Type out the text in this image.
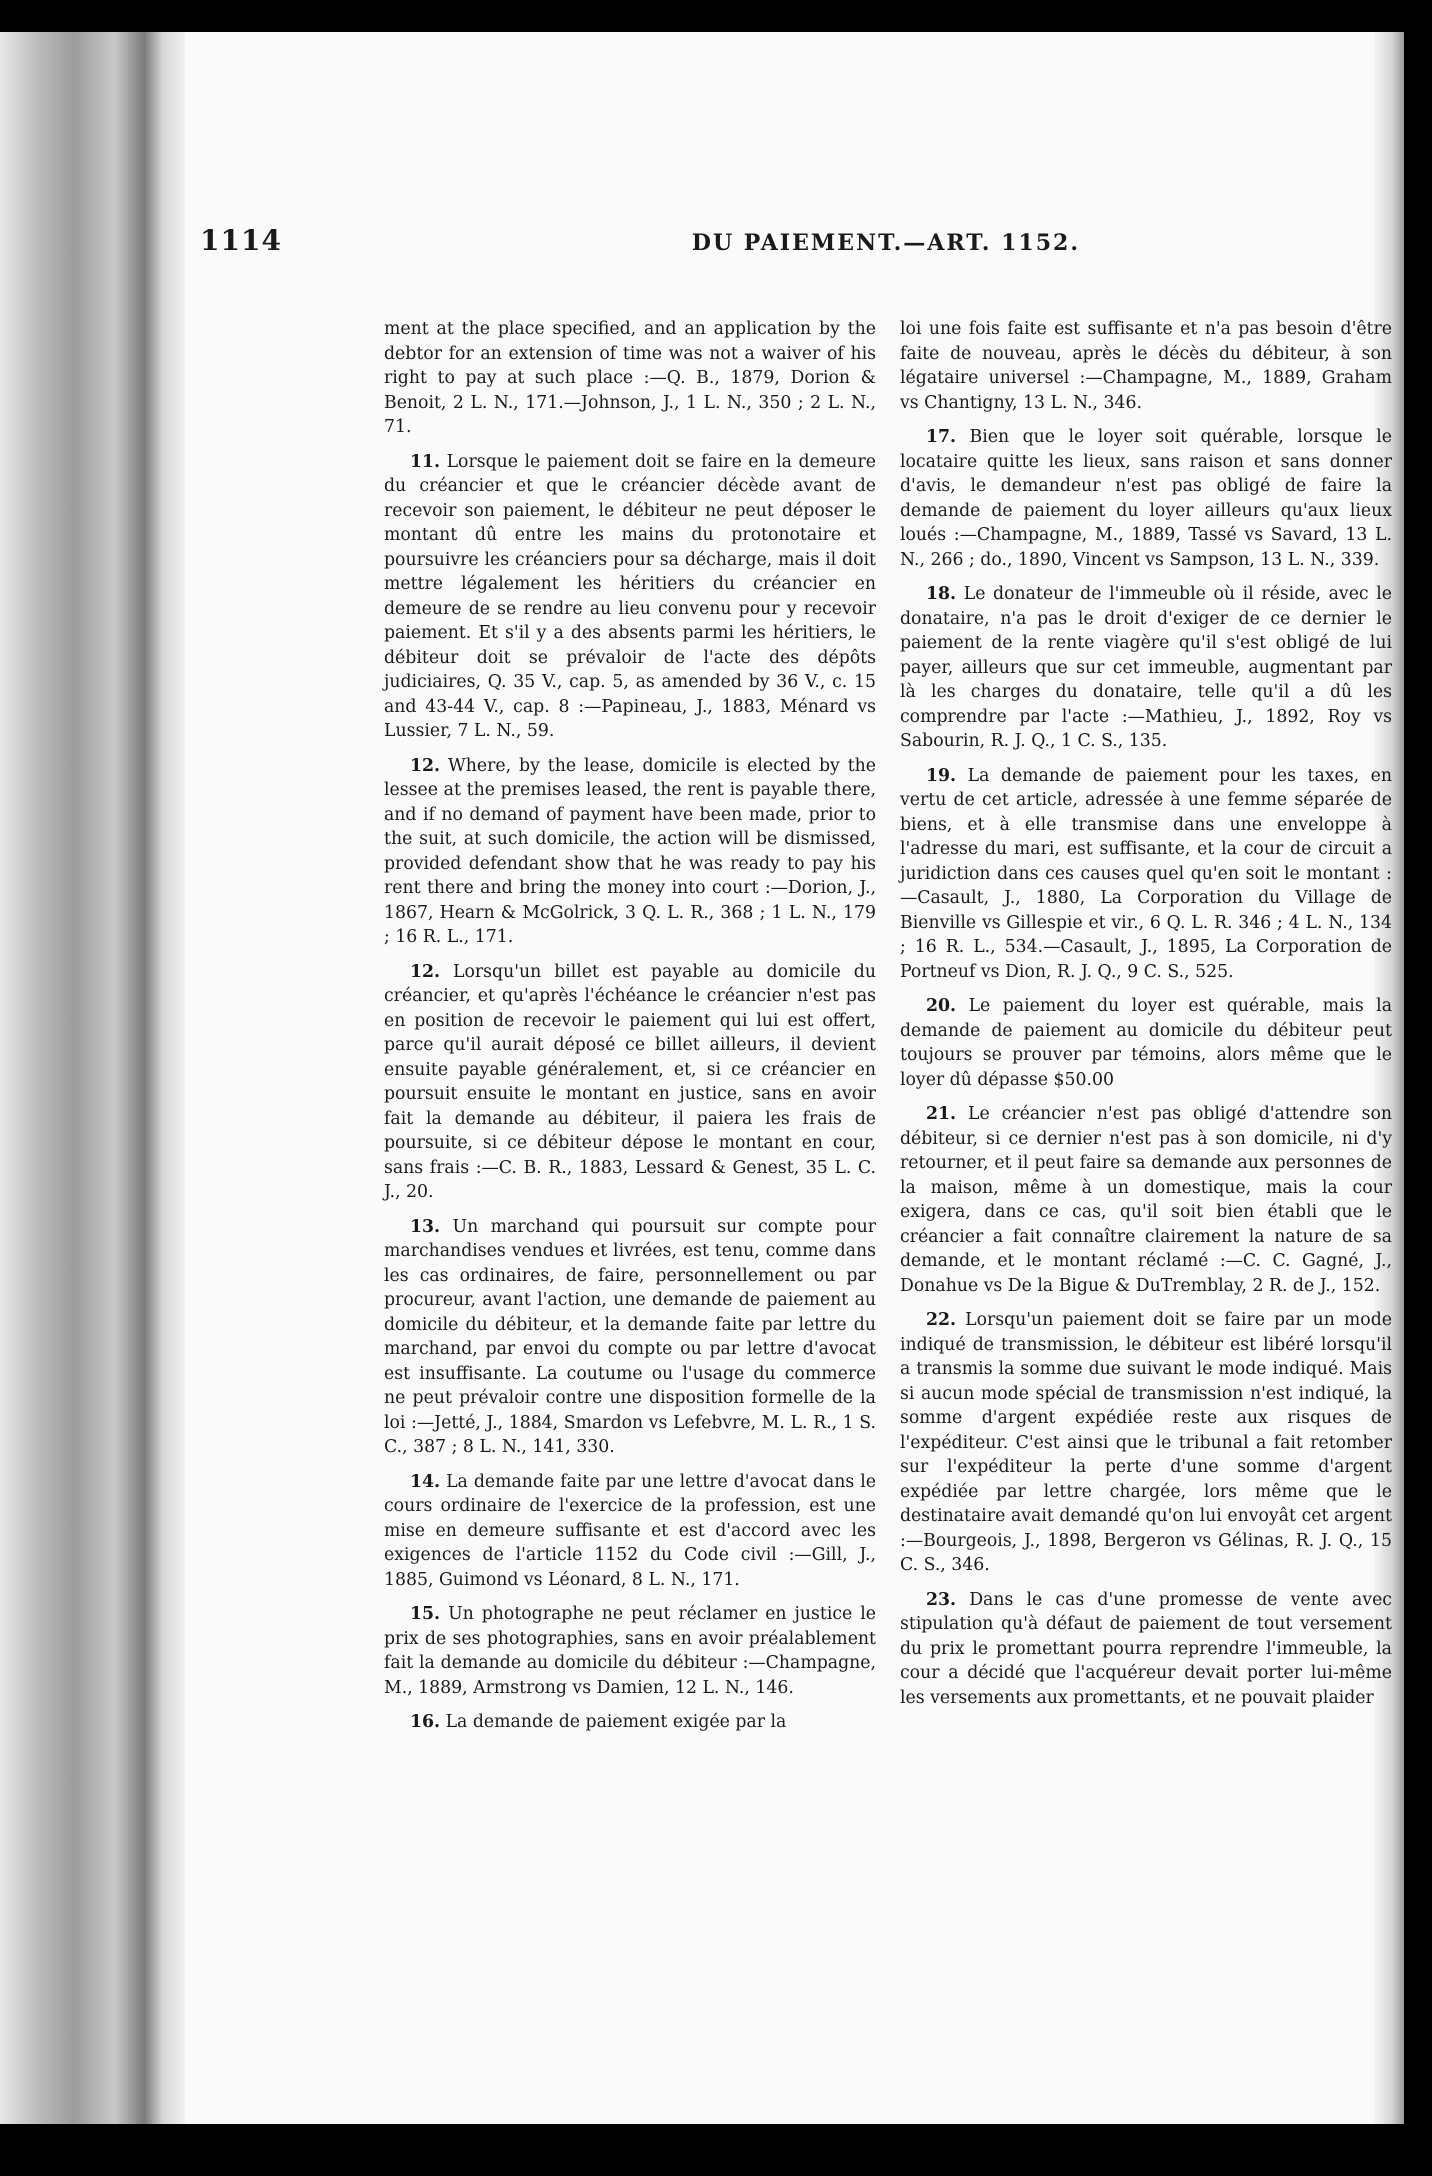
1114	DU PAIEMENT.—ART. 1152.

ment at the place specified, and an application by the debtor for an extension of time was not a waiver of his right to pay at such place :—Q. B., 1879, Dorion & Benoit, 2 L. N., 171.—Johnson, J., 1 L. N., 350 ; 2 L. N., 71.

11. Lorsque le paiement doit se faire en la demeure du créancier et que le créancier décède avant de recevoir son paiement, le débiteur ne peut déposer le montant dû entre les mains du protonotaire et poursuivre les créanciers pour sa décharge, mais il doit mettre légalement les héritiers du créancier en demeure de se rendre au lieu convenu pour y recevoir paiement. Et s'il y a des absents parmi les héritiers, le débiteur doit se prévaloir de l'acte des dépôts judiciaires, Q. 35 V., cap. 5, as amended by 36 V., c. 15 and 43-44 V., cap. 8 :—Papineau, J., 1883, Ménard vs Lussier, 7 L. N., 59.

12. Where, by the lease, domicile is elected by the lessee at the premises leased, the rent is payable there, and if no demand of payment have been made, prior to the suit, at such domicile, the action will be dismissed, provided defendant show that he was ready to pay his rent there and bring the money into court :—Dorion, J., 1867, Hearn & McGolrick, 3 Q. L. R., 368 ; 1 L. N., 179 ; 16 R. L., 171.

12. Lorsqu'un billet est payable au domicile du créancier, et qu'après l'échéance le créancier n'est pas en position de recevoir le paiement qui lui est offert, parce qu'il aurait déposé ce billet ailleurs, il devient ensuite payable généralement, et, si ce créancier en poursuit ensuite le montant en justice, sans en avoir fait la demande au débiteur, il paiera les frais de poursuite, si ce débiteur dépose le montant en cour, sans frais :—C. B. R., 1883, Lessard & Genest, 35 L. C. J., 20.

13. Un marchand qui poursuit sur compte pour marchandises vendues et livrées, est tenu, comme dans les cas ordinaires, de faire, personnellement ou par procureur, avant l'action, une demande de paiement au domicile du débiteur, et la demande faite par lettre du marchand, par envoi du compte ou par lettre d'avocat est insuffisante. La coutume ou l'usage du commerce ne peut prévaloir contre une disposition formelle de la loi :—Jetté, J., 1884, Smardon vs Lefebvre, M. L. R., 1 S. C., 387 ; 8 L. N., 141, 330.

14. La demande faite par une lettre d'avocat dans le cours ordinaire de l'exercice de la profession, est une mise en demeure suffisante et est d'accord avec les exigences de l'article 1152 du Code civil :—Gill, J., 1885, Guimond vs Léonard, 8 L. N., 171.

15. Un photographe ne peut réclamer en justice le prix de ses photographies, sans en avoir préalablement fait la demande au domicile du débiteur :—Champagne, M., 1889, Armstrong vs Damien, 12 L. N., 146.

16. La demande de paiement exigée par la

loi une fois faite est suffisante et n'a pas besoin d'être faite de nouveau, après le décès du débiteur, à son légataire universel :—Champagne, M., 1889, Graham vs Chantigny, 13 L. N., 346.

17. Bien que le loyer soit quérable, lorsque le locataire quitte les lieux, sans raison et sans donner d'avis, le demandeur n'est pas obligé de faire la demande de paiement du loyer ailleurs qu'aux lieux loués :—Champagne, M., 1889, Tassé vs Savard, 13 L. N., 266 ; do., 1890, Vincent vs Sampson, 13 L. N., 339.

18. Le donateur de l'immeuble où il réside, avec le donataire, n'a pas le droit d'exiger de ce dernier le paiement de la rente viagère qu'il s'est obligé de lui payer, ailleurs que sur cet immeuble, augmentant par là les charges du donataire, telle qu'il a dû les comprendre par l'acte :—Mathieu, J., 1892, Roy vs Sabourin, R. J. Q., 1 C. S., 135.

19. La demande de paiement pour les taxes, en vertu de cet article, adressée à une femme séparée de biens, et à elle transmise dans une enveloppe à l'adresse du mari, est suffisante, et la cour de circuit a juridiction dans ces causes quel qu'en soit le montant :—Casault, J., 1880, La Corporation du Village de Bienville vs Gillespie et vir., 6 Q. L. R. 346 ; 4 L. N., 134 ; 16 R. L., 534.—Casault, J., 1895, La Corporation de Portneuf vs Dion, R. J. Q., 9 C. S., 525.

20. Le paiement du loyer est quérable, mais la demande de paiement au domicile du débiteur peut toujours se prouver par témoins, alors même que le loyer dû dépasse $50.00

21. Le créancier n'est pas obligé d'attendre son débiteur, si ce dernier n'est pas à son domicile, ni d'y retourner, et il peut faire sa demande aux personnes de la maison, même à un domestique, mais la cour exigera, dans ce cas, qu'il soit bien établi que le créancier a fait connaître clairement la nature de sa demande, et le montant réclamé :—C. C. Gagné, J., Donahue vs De la Bigue & DuTremblay, 2 R. de J., 152.

22. Lorsqu'un paiement doit se faire par un mode indiqué de transmission, le débiteur est libéré lorsqu'il a transmis la somme due suivant le mode indiqué. Mais si aucun mode spécial de transmission n'est indiqué, la somme d'argent expédiée reste aux risques de l'expéditeur. C'est ainsi que le tribunal a fait retomber sur l'expéditeur la perte d'une somme d'argent expédiée par lettre chargée, lors même que le destinataire avait demandé qu'on lui envoyât cet argent :—Bourgeois, J., 1898, Bergeron vs Gélinas, R. J. Q., 15 C. S., 346.

23. Dans le cas d'une promesse de vente avec stipulation qu'à défaut de paiement de tout versement du prix le promettant pourra reprendre l'immeuble, la cour a décidé que l'acquéreur devait porter lui-même les versements aux promettants, et ne pouvait plaider
